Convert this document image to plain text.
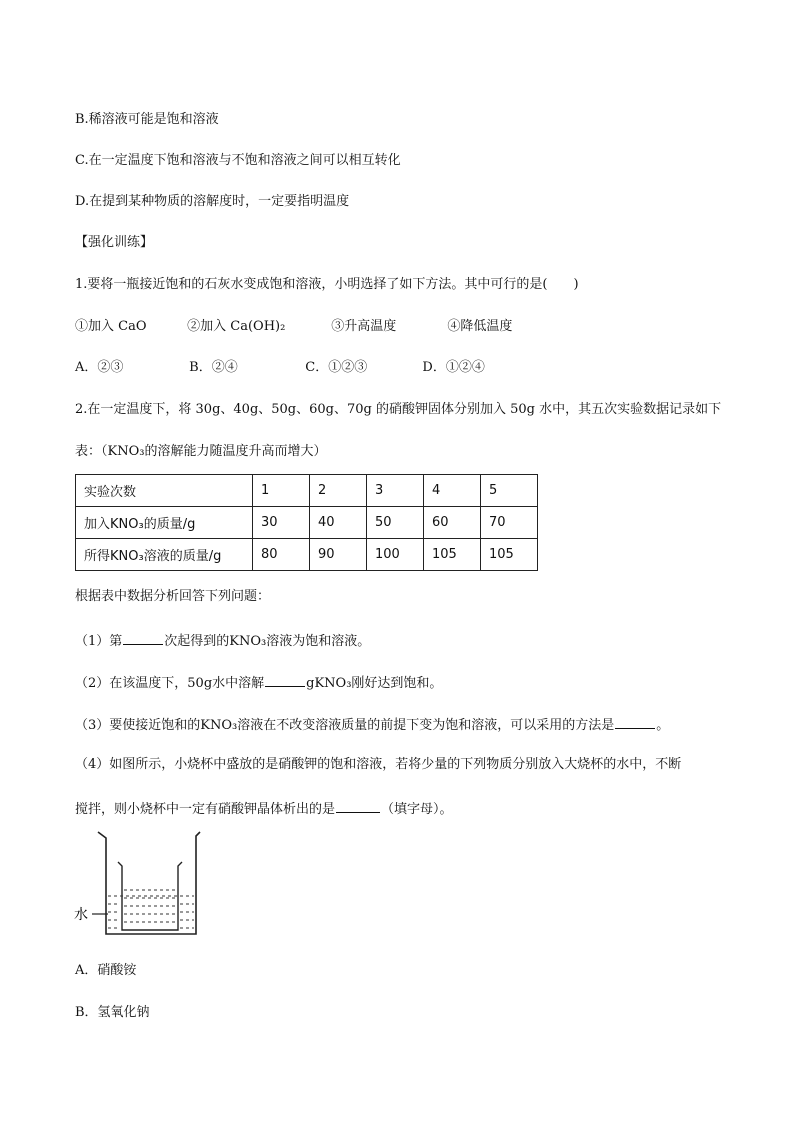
B.稀溶液可能是饱和溶液
C.在一定温度下饱和溶液与不饱和溶液之间可以相互转化
D.在提到某种物质的溶解度时，一定要指明温度
【强化训练】
1.要将一瓶接近饱和的石灰水变成饱和溶液，小明选择了如下方法。其中可行的是(　　)
①加入 CaO	②加入 Ca(OH)₂	③升高温度	④降低温度
A．②③	B．②④	C．①②③	D．①②④
2.在一定温度下，将 30g、40g、50g、60g、70g 的硝酸钾固体分别加入 50g 水中，其五次实验数据记录如下
表：（KNO₃的溶解能力随温度升高而增大）
实验次数	1	2	3	4	5
加入KNO₃的质量/g	30	40	50	60	70
所得KNO₃溶液的质量/g	80	90	100	105	105
根据表中数据分析回答下列问题：
（1）第	次起得到的KNO₃溶液为饱和溶液。
（2）在该温度下，50g水中溶解	gKNO₃刚好达到饱和。
（3）要使接近饱和的KNO₃溶液在不改变溶液质量的前提下变为饱和溶液，可以采用的方法是	。
（4）如图所示，小烧杯中盛放的是硝酸钾的饱和溶液，若将少量的下列物质分别放入大烧杯的水中，不断
搅拌，则小烧杯中一定有硝酸钾晶体析出的是	（填字母）。
水
A．硝酸铵
B．氢氧化钠
